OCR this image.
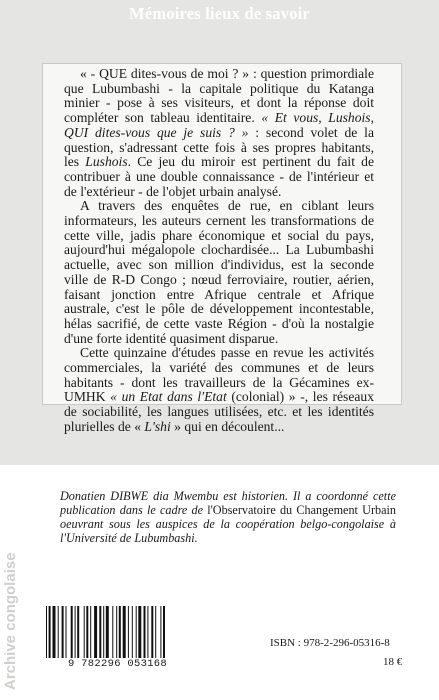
Mémoires lieux de savoir

« - QUE dites-vous de moi ? » : question primordiale que Lubumbashi - la capitale politique du Katanga minier - pose à ses visiteurs, et dont la réponse doit compléter son tableau identitaire. « Et vous, Lushois, QUI dites-vous que je suis ? » : second volet de la question, s'adressant cette fois à ses propres habitants, les Lushois. Ce jeu du miroir est pertinent du fait de contribuer à une double connaissance - de l'intérieur et de l'extérieur - de l'objet urbain analysé.

A travers des enquêtes de rue, en ciblant leurs informateurs, les auteurs cernent les transformations de cette ville, jadis phare économique et social du pays, aujourd'hui mégalopole clochardisée... La Lubumbashi actuelle, avec son million d'individus, est la seconde ville de R-D Congo ; nœud ferroviaire, routier, aérien, faisant jonction entre Afrique centrale et Afrique australe, c'est le pôle de développement incontestable, hélas sacrifié, de cette vaste Région - d'où la nostalgie d'une forte identité quasiment disparue.

Cette quinzaine d'études passe en revue les activités commerciales, la variété des communes et de leurs habitants - dont les travailleurs de la Gécamines ex-UMHK « un Etat dans l'Etat (colonial) » -, les réseaux de sociabilité, les langues utilisées, etc. et les identités plurielles de « L'shi » qui en découlent...

Donatien DIBWE dia Mwembu est historien. Il a coordonné cette publication dans le cadre de l'Observatoire du Changement Urbain oeuvrant sous les auspices de la coopération belgo-congolaise à l'Université de Lubumbashi.
Archive congolaise	9 782296 053168
ISBN : 978-2-296-05316-8
18 €
